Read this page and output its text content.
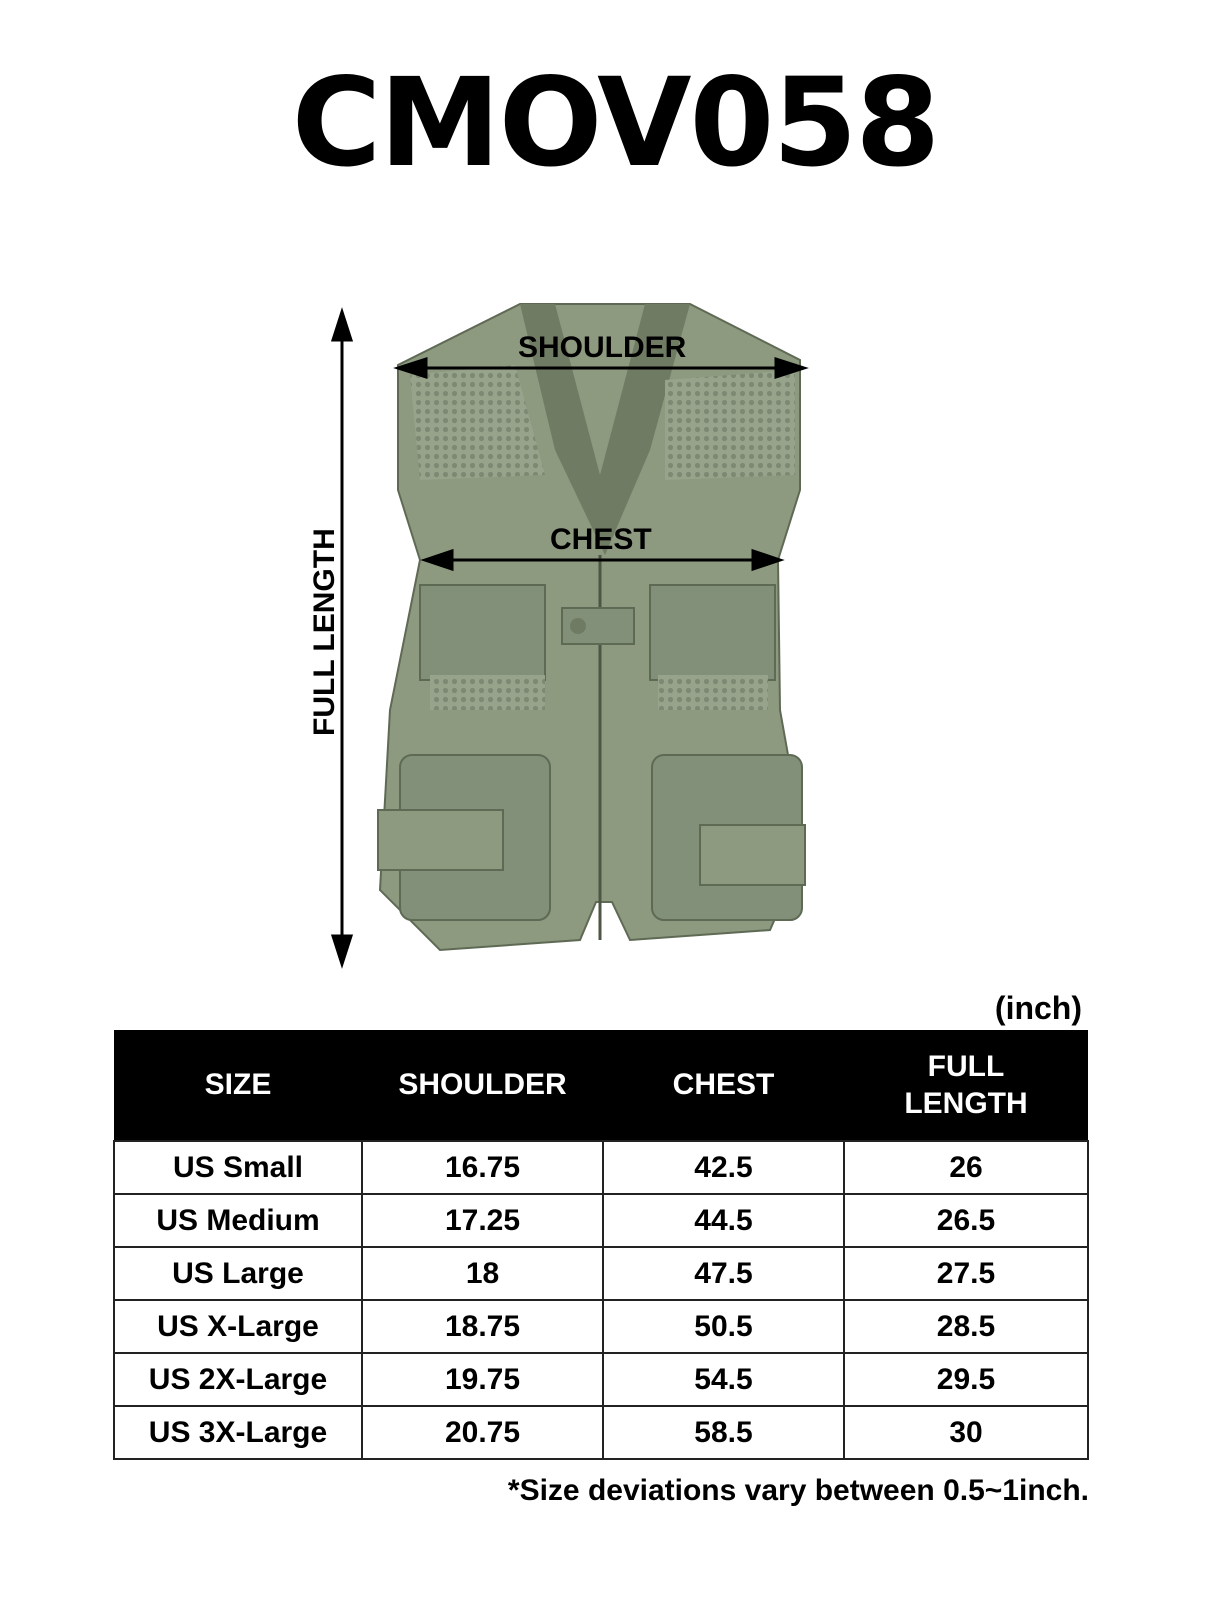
CMOV058
SHOULDER
CHEST
FULL LENGTH
(inch)
SIZE	SHOULDER	CHEST	FULL
LENGTH
US Small	16.75	42.5	26
US Medium	17.25	44.5	26.5
US Large	18	47.5	27.5
US X-Large	18.75	50.5	28.5
US 2X-Large	19.75	54.5	29.5
US 3X-Large	20.75	58.5	30
*Size deviations vary between 0.5~1inch.
